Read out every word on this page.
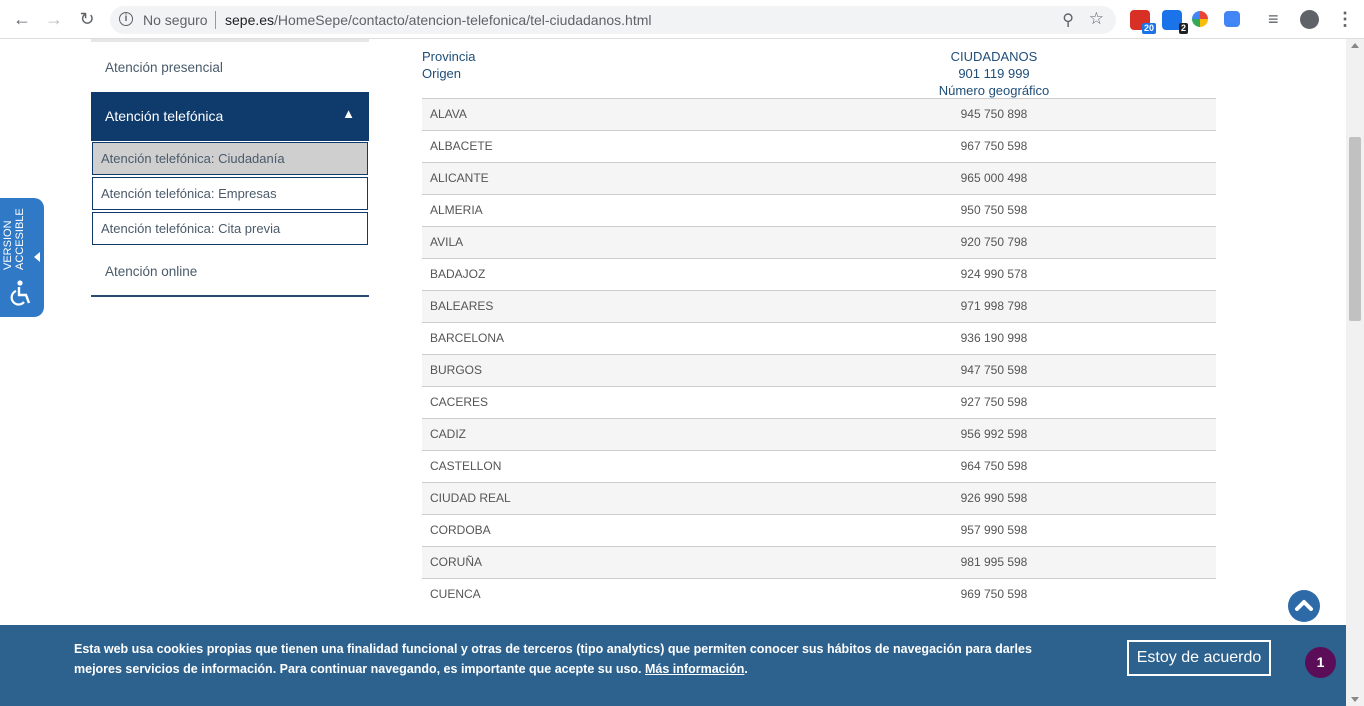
← → ↻	i	No seguro sepe.es/HomeSepe/contacto/atencion-telefonica/tel-ciudadanos.html	⚲ ☆	20	2	≡	⋮
VERSION ACCESIBLE
Atención presencial
Atención telefónica	▲
Atención telefónica: Ciudadanía
Atención telefónica: Empresas
Atención telefónica: Cita previa
Atención online
Provincia
Origen
CIUDADANOS
901 119 999
Número geográfico
ALAVA	945 750 898
ALBACETE	967 750 598
ALICANTE	965 000 498
ALMERIA	950 750 598
AVILA	920 750 798
BADAJOZ	924 990 578
BALEARES	971 998 798
BARCELONA	936 190 998
BURGOS	947 750 598
CACERES	927 750 598
CADIZ	956 992 598
CASTELLON	964 750 598
CIUDAD REAL	926 990 598
CORDOBA	957 990 598
CORUÑA	981 995 598
CUENCA	969 750 598
Esta web usa cookies propias que tienen una finalidad funcional y otras de terceros (tipo analytics) que permiten conocer sus hábitos de navegación para darles mejores servicios de información. Para continuar navegando, es importante que acepte su uso. Más información.
Estoy de acuerdo	1
